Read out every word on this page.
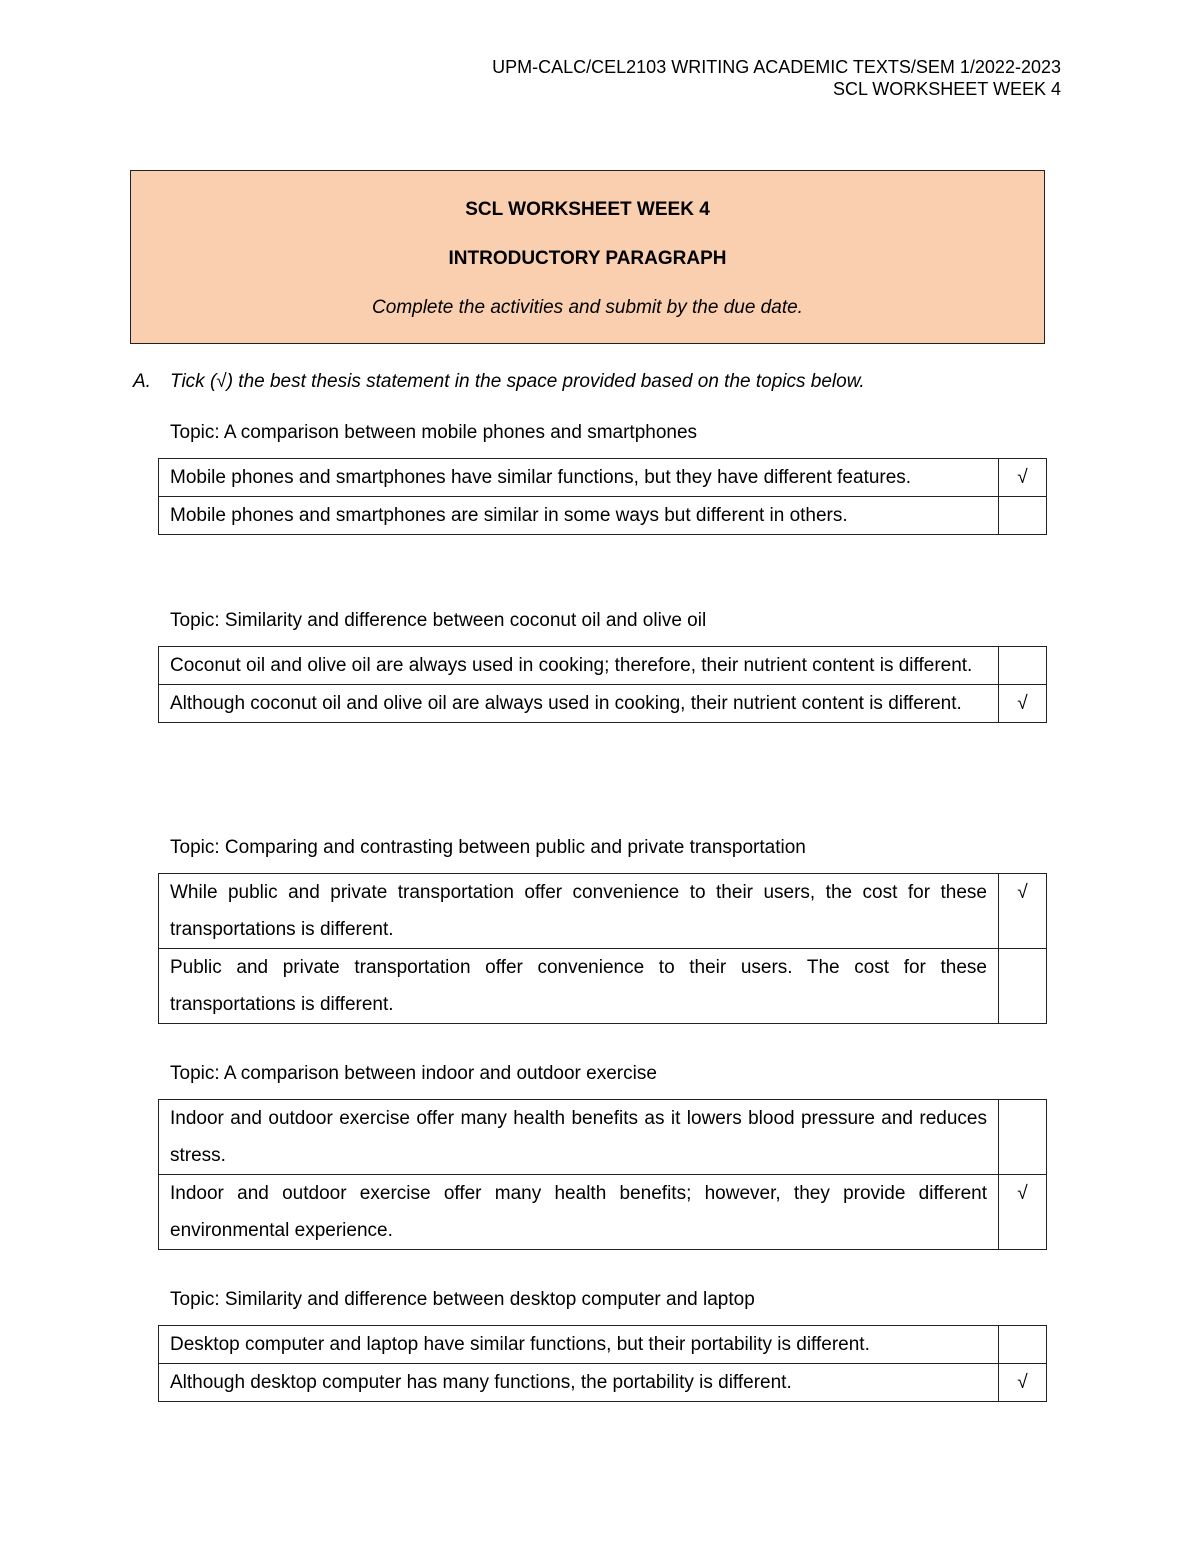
UPM-CALC/CEL2103 WRITING ACADEMIC TEXTS/SEM 1/2022-2023
SCL WORKSHEET WEEK 4
SCL WORKSHEET WEEK 4
INTRODUCTORY PARAGRAPH
Complete the activities and submit by the due date.
A. Tick (√) the best thesis statement in the space provided based on the topics below.
Topic: A comparison between mobile phones and smartphones
Mobile phones and smartphones have similar functions, but they have different features.	√
Mobile phones and smartphones are similar in some ways but different in others.	
Topic: Similarity and difference between coconut oil and olive oil
Coconut oil and olive oil are always used in cooking; therefore, their nutrient content is different.	
Although coconut oil and olive oil are always used in cooking, their nutrient content is different.	√
Topic: Comparing and contrasting between public and private transportation
While public and private transportation offer convenience to their users, the cost for these transportations is different.	√
Public and private transportation offer convenience to their users. The cost for these transportations is different.	
Topic: A comparison between indoor and outdoor exercise
Indoor and outdoor exercise offer many health benefits as it lowers blood pressure and reduces stress.	
Indoor and outdoor exercise offer many health benefits; however, they provide different environmental experience.	√
Topic: Similarity and difference between desktop computer and laptop
Desktop computer and laptop have similar functions, but their portability is different.	
Although desktop computer has many functions, the portability is different.	√
